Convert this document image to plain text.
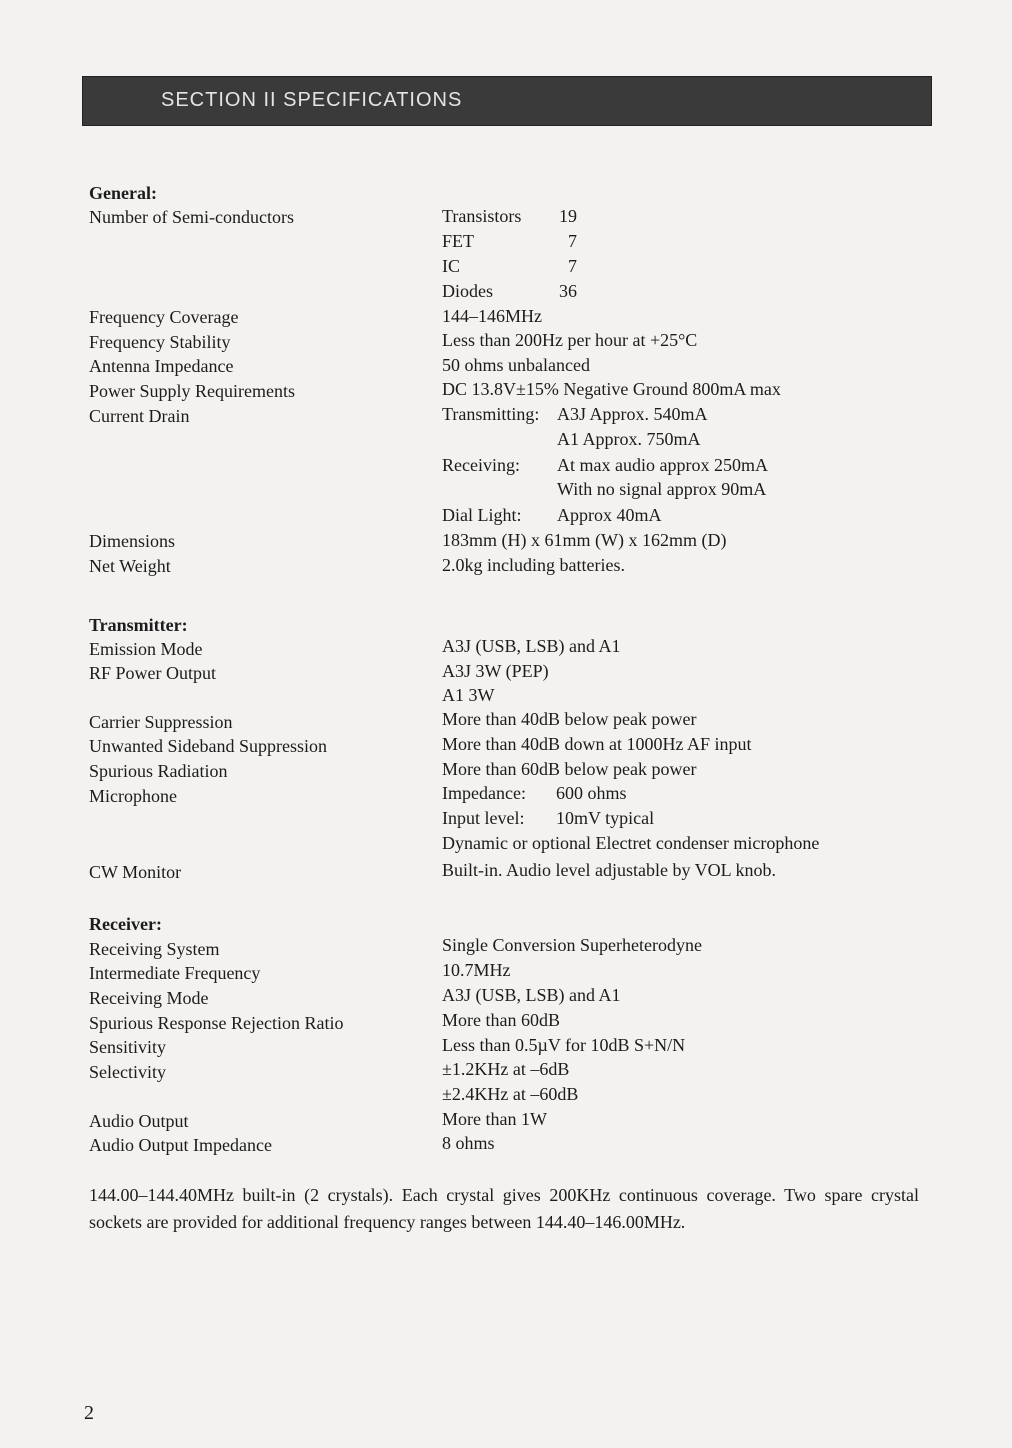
SECTION II SPECIFICATIONS
General:
Number of Semi-conductors	Transistors	19
FET	7
IC	7
Diodes	36
Frequency Coverage	144–146MHz
Frequency Stability	Less than 200Hz per hour at +25°C
Antenna Impedance	50 ohms unbalanced
Power Supply Requirements	DC 13.8V±15% Negative Ground 800mA max
Current Drain	Transmitting: A3J Approx. 540mA
A1 Approx. 750mA
Receiving: At max audio approx 250mA
With no signal approx 90mA
Dial Light: Approx 40mA
Dimensions	183mm (H) x 61mm (W) x 162mm (D)
Net Weight	2.0kg including batteries.
Transmitter:
Emission Mode	A3J (USB, LSB) and A1
RF Power Output	A3J 3W (PEP)
A1 3W
Carrier Suppression	More than 40dB below peak power
Unwanted Sideband Suppression	More than 40dB down at 1000Hz AF input
Spurious Radiation	More than 60dB below peak power
Microphone	Impedance: 600 ohms
Input level: 10mV typical
Dynamic or optional Electret condenser microphone
CW Monitor	Built-in. Audio level adjustable by VOL knob.
Receiver:
Receiving System	Single Conversion Superheterodyne
Intermediate Frequency	10.7MHz
Receiving Mode	A3J (USB, LSB) and A1
Spurious Response Rejection Ratio	More than 60dB
Sensitivity	Less than 0.5µV for 10dB S+N/N
Selectivity	±1.2KHz at –6dB
±2.4KHz at –60dB
Audio Output	More than 1W
Audio Output Impedance	8 ohms
144.00–144.40MHz built-in (2 crystals). Each crystal gives 200KHz continuous coverage. Two spare crystal sockets are provided for additional frequency ranges between 144.40–146.00MHz.
2
